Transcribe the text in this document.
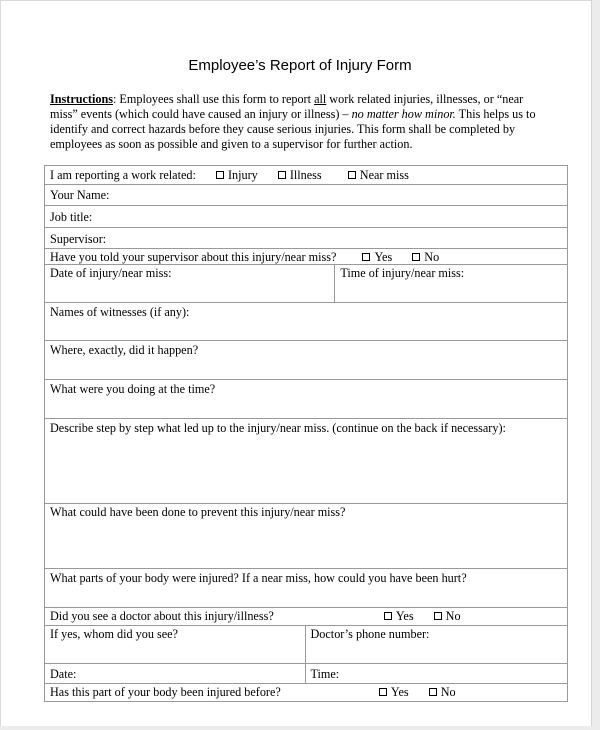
Employee’s Report of Injury Form
Instructions: Employees shall use this form to report all work related injuries, illnesses, or “near miss” events (which could have caused an injury or illness) – no matter how minor. This helps us to identify and correct hazards before they cause serious injuries. This form shall be completed by employees as soon as possible and given to a supervisor for further action.
I am reporting a work related: Injury Illness Near miss		
Your Name:		
Job title:		
Supervisor:		
Have you told your supervisor about this injury/near miss? Yes No		
Date of injury/near miss:		Time of injury/near miss:
Names of witnesses (if any):		
Where, exactly, did it happen?		
What were you doing at the time?		
Describe step by step what led up to the injury/near miss. (continue on the back if necessary):		
What could have been done to prevent this injury/near miss?		
What parts of your body were injured? If a near miss, how could you have been hurt?		
Did you see a doctor about this injury/illness? Yes No		
If yes, whom did you see?	Doctor’s phone number:	
Date:	Time:	
Has this part of your body been injured before? Yes No		
